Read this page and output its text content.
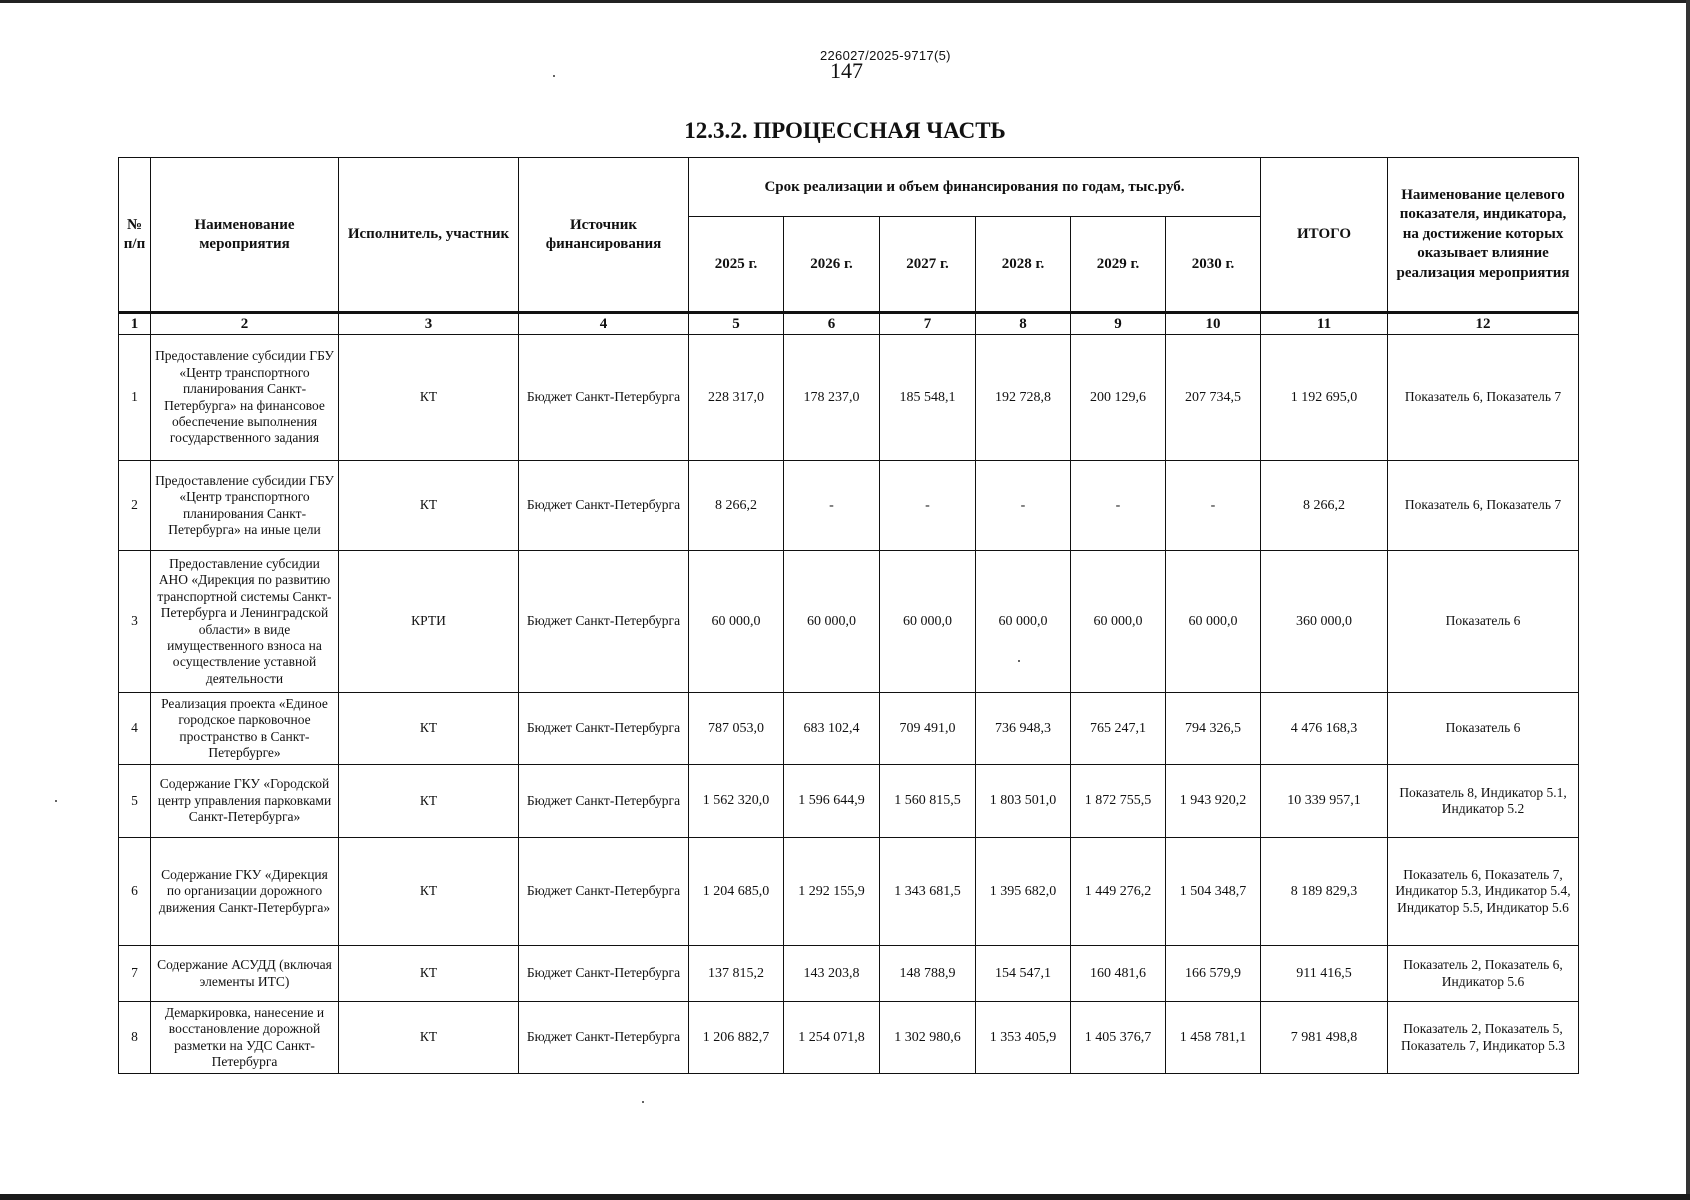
147
226027/2025-9717(5)
12.3.2. ПРОЦЕССНАЯ ЧАСТЬ
№ п/п	Наименование мероприятия	Исполнитель, участник	Источник финансирования	Срок реализации и объем финансирования по годам, тыс.руб.						ИТОГО	Наименование целевого показателя, индикатора, на достижение которых оказывает влияние реализация мероприятия
				2025 г.	2026 г.	2027 г.	2028 г.	2029 г.	2030 г.		
1	2	3	4	5	6	7	8	9	10	11	12
1	Предоставление субсидии ГБУ «Центр транспортного планирования Санкт-Петербурга» на финансовое обеспечение выполнения государственного задания	КТ	Бюджет Санкт-Петербурга	228 317,0	178 237,0	185 548,1	192 728,8	200 129,6	207 734,5	1 192 695,0	Показатель 6, Показатель 7
2	Предоставление субсидии ГБУ «Центр транспортного планирования Санкт-Петербурга» на иные цели	КТ	Бюджет Санкт-Петербурга	8 266,2	-	-	-	-	-	8 266,2	Показатель 6, Показатель 7
3	Предоставление субсидии АНО «Дирекция по развитию транспортной системы Санкт-Петербурга и Ленинградской области» в виде имущественного взноса на осуществление уставной деятельности	КРТИ	Бюджет Санкт-Петербурга	60 000,0	60 000,0	60 000,0	60 000,0	60 000,0	60 000,0	360 000,0	Показатель 6
4	Реализация проекта «Единое городское парковочное пространство в Санкт-Петербурге»	КТ	Бюджет Санкт-Петербурга	787 053,0	683 102,4	709 491,0	736 948,3	765 247,1	794 326,5	4 476 168,3	Показатель 6
5	Содержание ГКУ «Городской центр управления парковками Санкт-Петербурга»	КТ	Бюджет Санкт-Петербурга	1 562 320,0	1 596 644,9	1 560 815,5	1 803 501,0	1 872 755,5	1 943 920,2	10 339 957,1	Показатель 8, Индикатор 5.1, Индикатор 5.2
6	Содержание ГКУ «Дирекция по организации дорожного движения Санкт-Петербурга»	КТ	Бюджет Санкт-Петербурга	1 204 685,0	1 292 155,9	1 343 681,5	1 395 682,0	1 449 276,2	1 504 348,7	8 189 829,3	Показатель 6, Показатель 7, Индикатор 5.3, Индикатор 5.4, Индикатор 5.5, Индикатор 5.6
7	Содержание АСУДД (включая элементы ИТС)	КТ	Бюджет Санкт-Петербурга	137 815,2	143 203,8	148 788,9	154 547,1	160 481,6	166 579,9	911 416,5	Показатель 2, Показатель 6, Индикатор 5.6
8	Демаркировка, нанесение и восстановление дорожной разметки на УДС Санкт-Петербурга	КТ	Бюджет Санкт-Петербурга	1 206 882,7	1 254 071,8	1 302 980,6	1 353 405,9	1 405 376,7	1 458 781,1	7 981 498,8	Показатель 2, Показатель 5, Показатель 7, Индикатор 5.3
